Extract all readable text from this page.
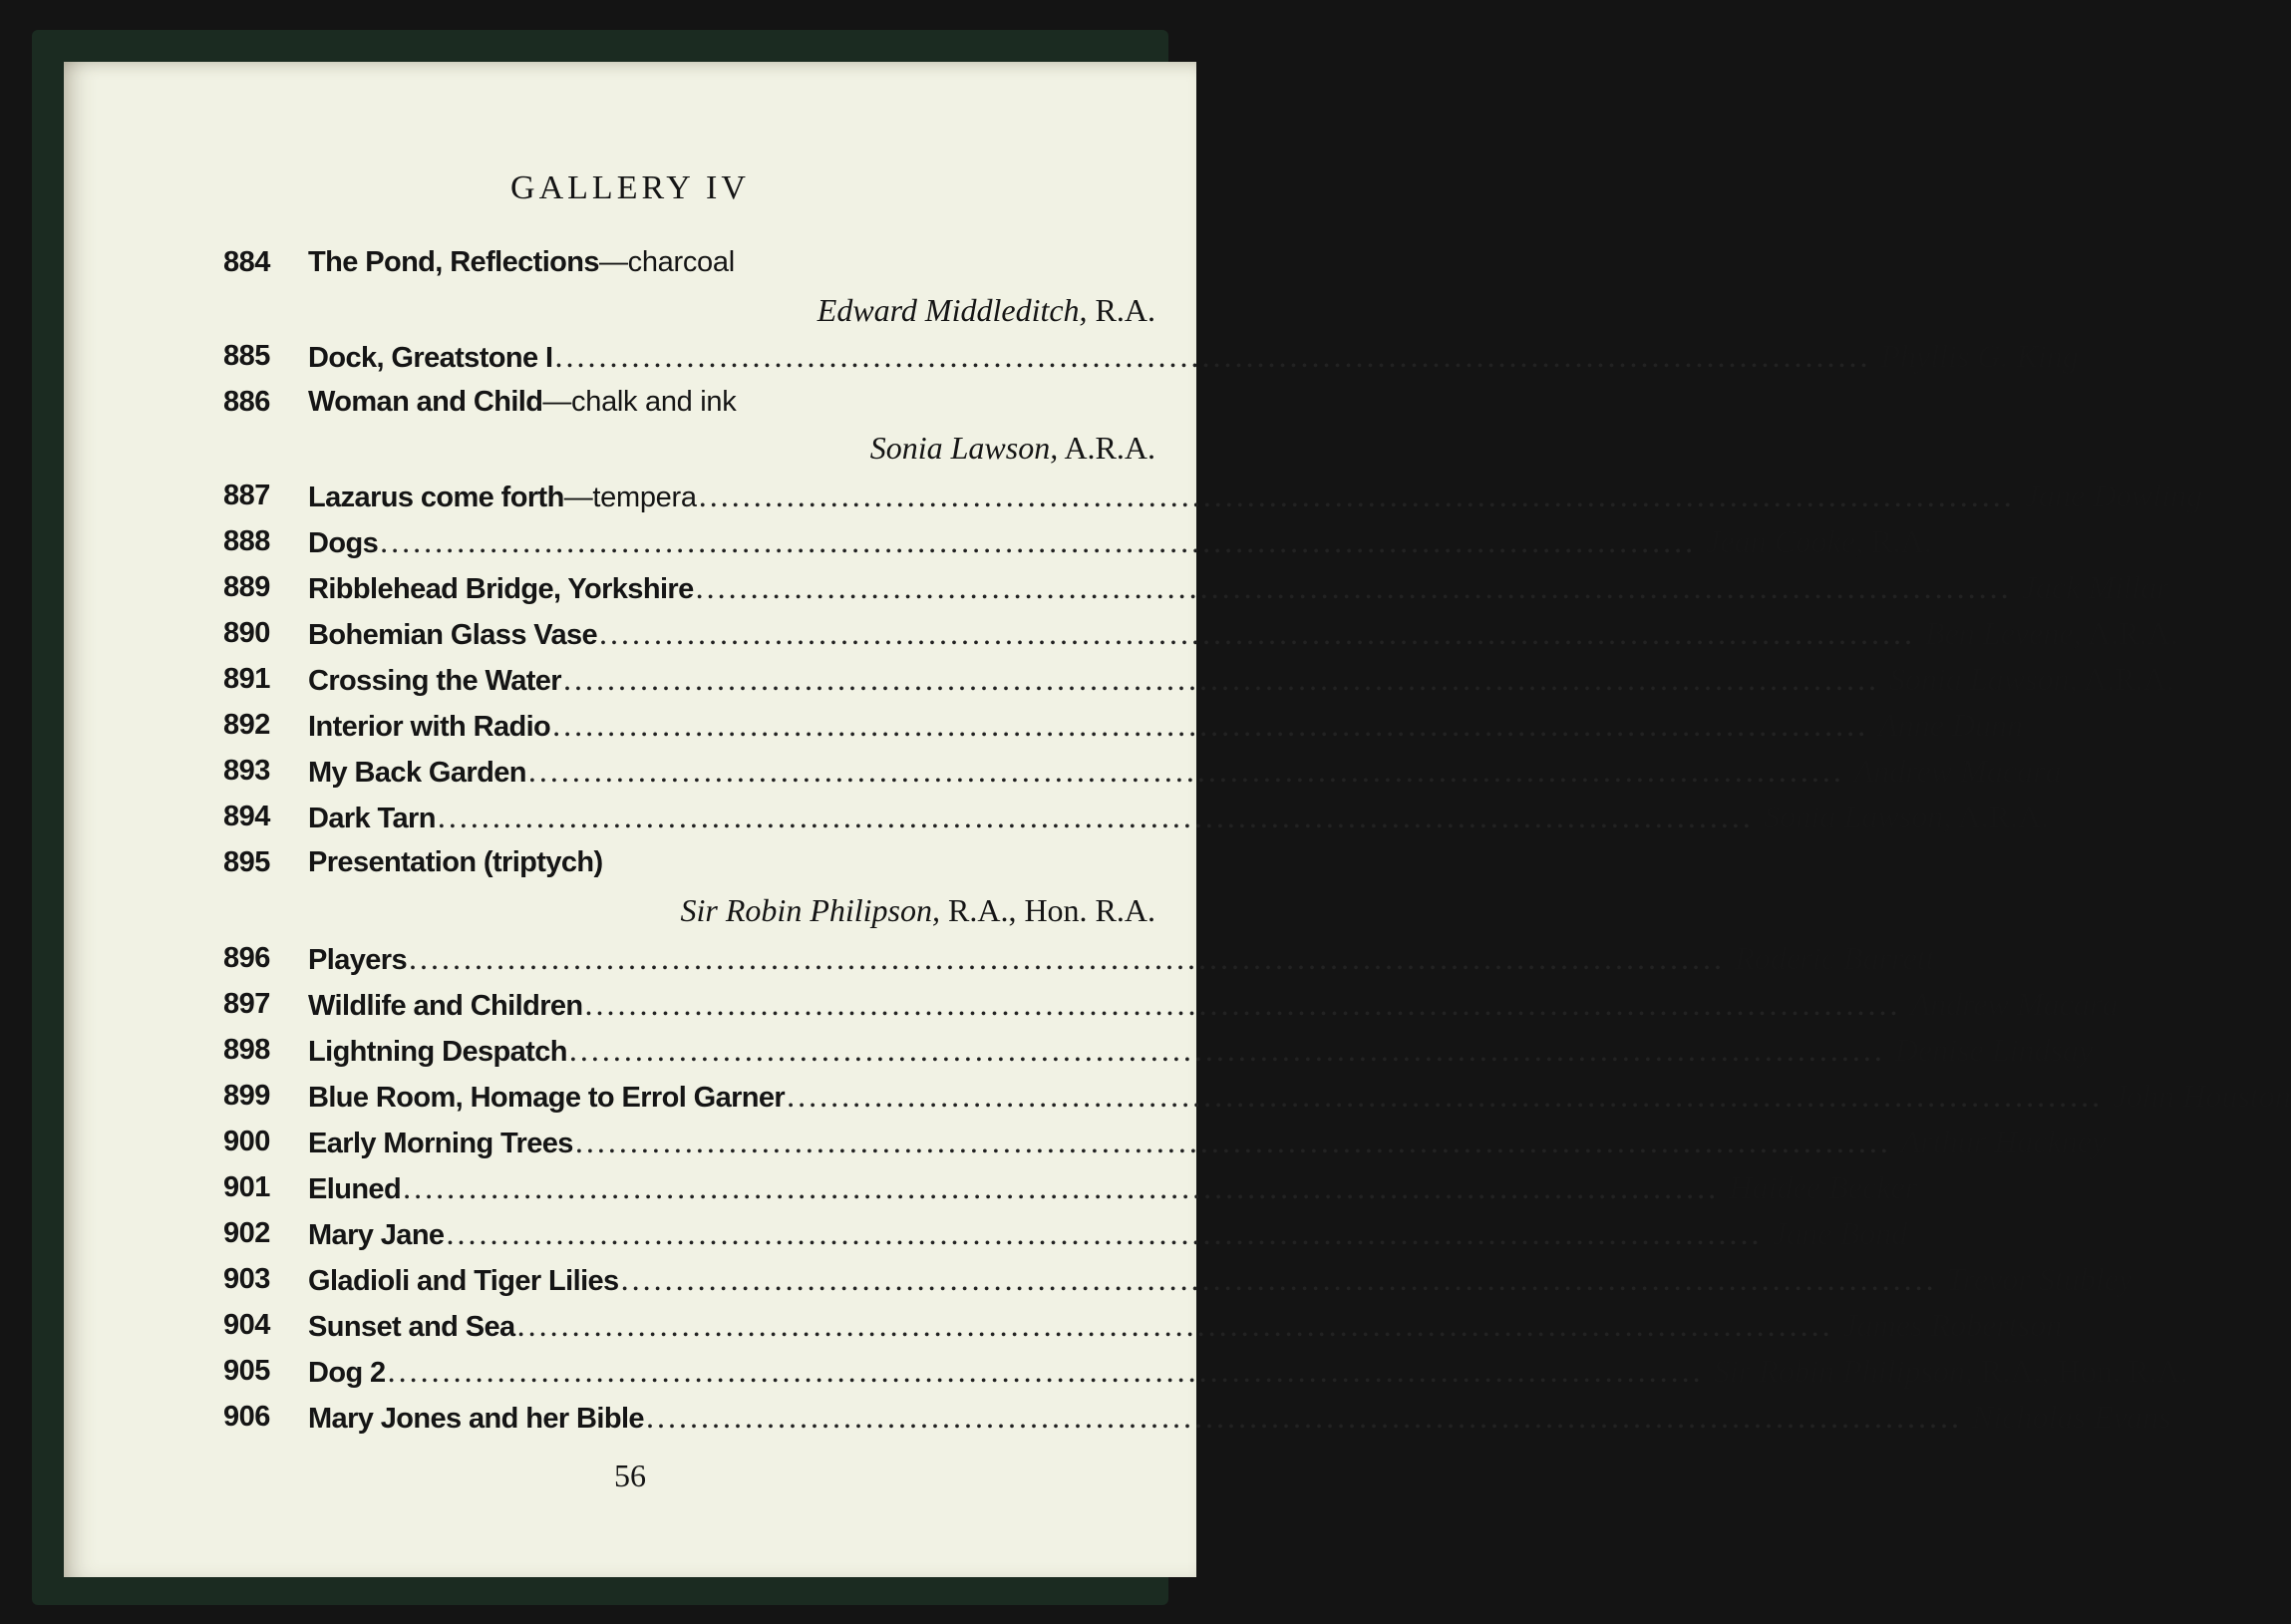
GALLERY IV
884	The Pond, Reflections —charcoal
Edward Middleditch, R.A.
885	Dock, Greatstone I ........................................................................................................................ Phyllis G. King
886	Woman and Child —chalk and ink
Sonia Lawson, A.R.A.
887	Lazarus come forth —tempera ........................................................................................................................ Jane Dowling
888	Dogs ........................................................................................................................ Jean Cooke, R.A.
889	Ribblehead Bridge, Yorkshire ........................................................................................................................ Jack Millar
890	Bohemian Glass Vase ........................................................................................................................ Ben Levene, A.R.A.
891	Crossing the Water ........................................................................................................................ Sonia Lawson, A.R.A.
892	Interior with Radio ........................................................................................................................ Anne Dunn
893	My Back Garden ........................................................................................................................ Andrew Macara
894	Dark Tarn ........................................................................................................................ Sonia Lawson, A.R.A.
895	Presentation (triptych)
Sir Robin Philipson, R.A., Hon. R.A.
896	Players ........................................................................................................................ Roderic Barrett
897	Wildlife and Children ........................................................................................................................ Andrew Macara
898	Lightning Despatch ........................................................................................................................ Denise Lindsay
899	Blue Room, Homage to Errol Garner ........................................................................................................................ John Houston
900	Early Morning Trees ........................................................................................................................ Arthur Hackney
901	Eluned ........................................................................................................................ Haidee Becker
902	Mary Jane ........................................................................................................................ Jane Bond
903	Gladioli and Tiger Lilies ........................................................................................................................ Trevor Stubley
904	Sunset and Sea ........................................................................................................................ James Robertson
905	Dog 2 ........................................................................................................................ Sir Robin Philipson, R.A., Hon. R.A.
906	Mary Jones and her Bible ........................................................................................................................ Nicholas Evans
56
